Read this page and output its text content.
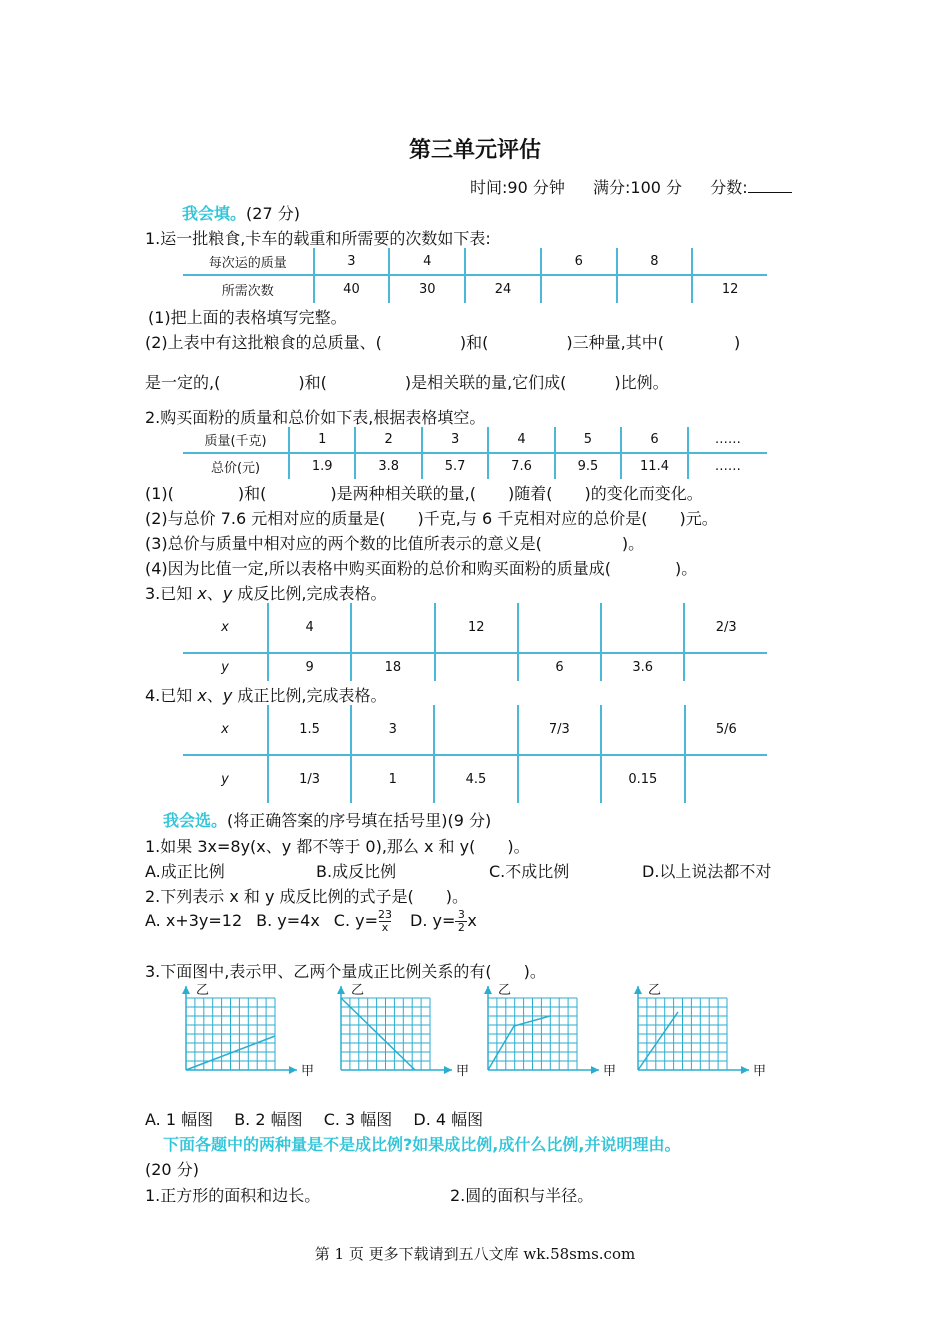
第三单元评估
时间:90 分钟 满分:100 分 分数:
我会填。(27 分)
1.运一批粮食,卡车的载重和所需要的次数如下表:
每次运的质量	3	4		6	8	
所需次数	40	30	24			12
(1)把上面的表格填写完整。
(2)上表中有这批粮食的总质量、(	)和(	)三种量,其中(	)
是一定的,(	)和(	)是相关联的量,它们成(	)比例。
2.购买面粉的质量和总价如下表,根据表格填空。
质量(千克)	1	2	3	4	5	6	……
总价(元)	1.9	3.8	5.7	7.6	9.5	11.4	……
(1)(　　　　)和(　　　　)是两种相关联的量,(　　)随着(　　)的变化而变化。
(2)与总价 7.6 元相对应的质量是(　　)千克,与 6 千克相对应的总价是(　　)元。
(3)总价与质量中相对应的两个数的比值所表示的意义是(　　　　　)。
(4)因为比值一定,所以表格中购买面粉的总价和购买面粉的质量成(　　　　)。
3.已知 x、y 成反比例,完成表格。
x	4		12			2/3
y	9	18		6	3.6	
4.已知 x、y 成正比例,完成表格。
x	1.5	3		7/3		5/6
y	1/3	1	4.5		0.15	
我会选。(将正确答案的序号填在括号里)(9 分)
1.如果 3x=8y(x、y 都不等于 0),那么 x 和 y(　　)。
A.成正比例	B.成反比例	C.不成比例	D.以上说法都不对
2.下列表示 x 和 y 成反比例的式子是(　　)。
A. x+3y=12 B. y=4x C. $y=\frac{23}{x} D$. $y=\frac{3}{2}x$
3.下面图中,表示甲、乙两个量成正比例关系的有(　　)。
乙
甲
乙
甲
乙
甲
乙
甲
A. 1 幅图　 B. 2 幅图　 C. 3 幅图　 D. 4 幅图
下面各题中的两种量是不是成比例?如果成比例,成什么比例,并说明理由。
(20 分)
1.正方形的面积和边长。	2.圆的面积与半径。
第 1 页 更多下载请到五八文库 wk.58sms.com
